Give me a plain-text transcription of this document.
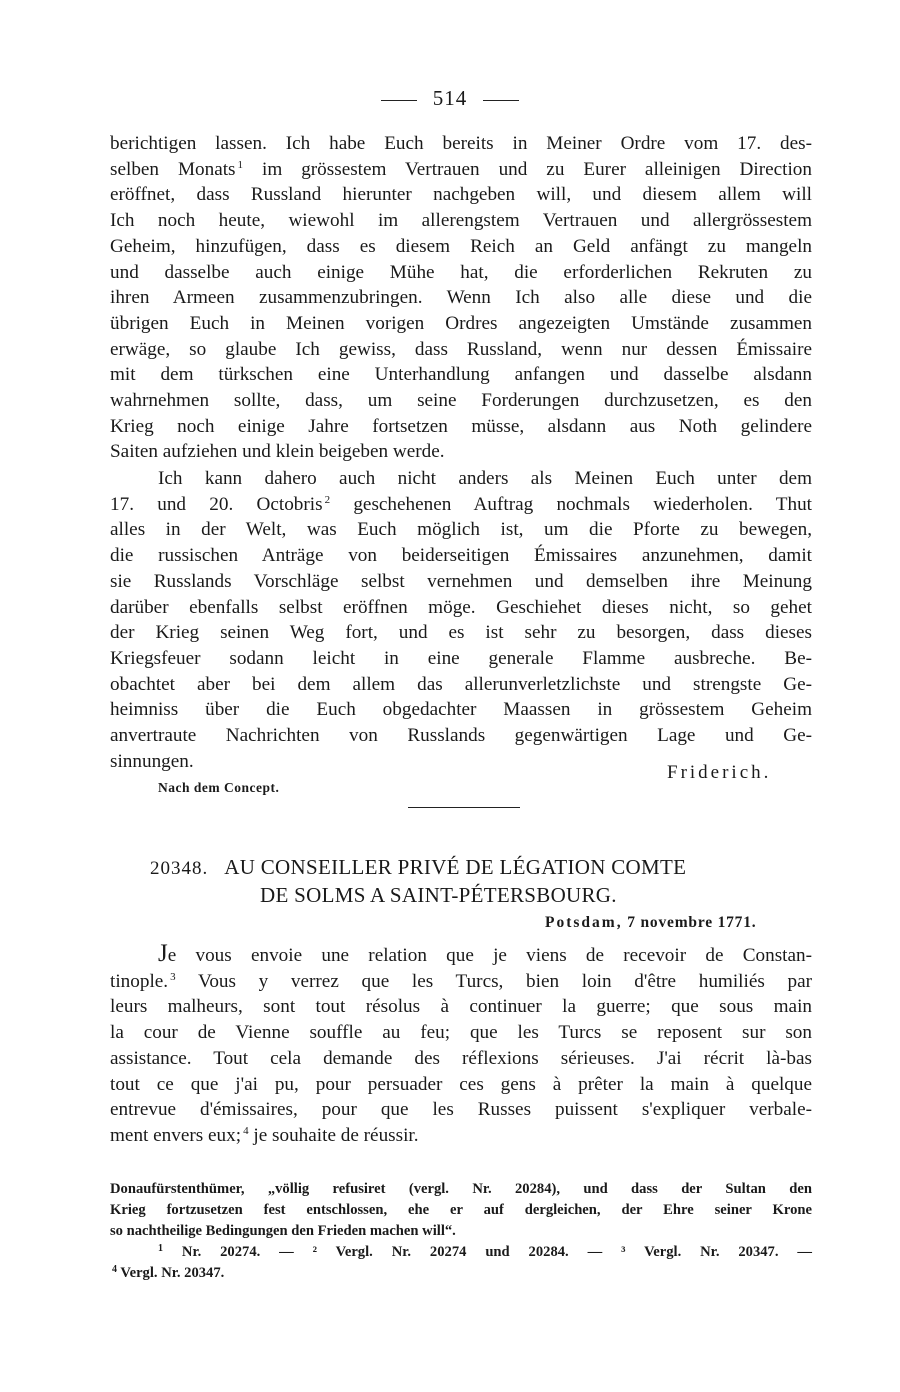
514
berichtigen lassen. Ich habe Euch bereits in Meiner Ordre vom 17. des-
selben Monats $^1$ im grössestem Vertrauen und zu Eurer alleinigen Direction
eröffnet, dass Russland hierunter nachgeben will, und diesem allem will
Ich noch heute, wiewohl im allerengstem Vertrauen und allergrössestem
Geheim, hinzufügen, dass es diesem Reich an Geld anfängt zu mangeln
und dasselbe auch einige Mühe hat, die erforderlichen Rekruten zu
ihren Armeen zusammenzubringen. Wenn Ich also alle diese und die
übrigen Euch in Meinen vorigen Ordres angezeigten Umstände zusammen
erwäge, so glaube Ich gewiss, dass Russland, wenn nur dessen Émissaire
mit dem türkschen eine Unterhandlung anfangen und dasselbe alsdann
wahrnehmen sollte, dass, um seine Forderungen durchzusetzen, es den
Krieg noch einige Jahre fortsetzen müsse, alsdann aus Noth gelindere
Saiten aufziehen und klein beigeben werde.
Ich kann dahero auch nicht anders als Meinen Euch unter dem
17. und 20. Octobris $^2$ geschehenen Auftrag nochmals wiederholen. Thut
alles in der Welt, was Euch möglich ist, um die Pforte zu bewegen,
die russischen Anträge von beiderseitigen Émissaires anzunehmen, damit
sie Russlands Vorschläge selbst vernehmen und demselben ihre Meinung
darüber ebenfalls selbst eröffnen möge. Geschiehet dieses nicht, so gehet
der Krieg seinen Weg fort, und es ist sehr zu besorgen, dass dieses
Kriegsfeuer sodann leicht in eine generale Flamme ausbreche. Be-
obachtet aber bei dem allem das allerunverletzlichste und strengste Ge-
heimniss über die Euch obgedachter Maassen in grössestem Geheim
anvertraute Nachrichten von Russlands gegenwärtigen Lage und Ge-
sinnungen.
Friderich.
Nach dem Concept.
20348. AU CONSEILLER PRIVÉ DE LÉGATION COMTE
DE SOLMS A SAINT-PÉTERSBOURG.
Potsdam, 7 novembre 1771.
Je vous envoie une relation que je viens de recevoir de Constan-
tinople. $^3$ Vous y verrez que les Turcs, bien loin d'être humiliés par
leurs malheurs, sont tout résolus à continuer la guerre; que sous main
la cour de Vienne souffle au feu; que les Turcs se reposent sur son
assistance. Tout cela demande des réflexions sérieuses. J'ai récrit là-bas
tout ce que j'ai pu, pour persuader ces gens à prêter la main à quelque
entrevue d'émissaires, pour que les Russes puissent s'expliquer verbale-
ment envers eux; $^4$ je souhaite de réussir.
Donaufürstenthümer, „völlig refusiret (vergl. Nr. 20284), und dass der Sultan den
Krieg fortzusetzen fest entschlossen, ehe er auf dergleichen, der Ehre seiner Krone
so nachtheilige Bedingungen den Frieden machen will“.
$^1$ Nr. 20274. — ² Vergl. Nr. 20274 und 20284. — ³ Vergl. Nr. 20347. —
$^4$ Vergl. Nr. 20347.
